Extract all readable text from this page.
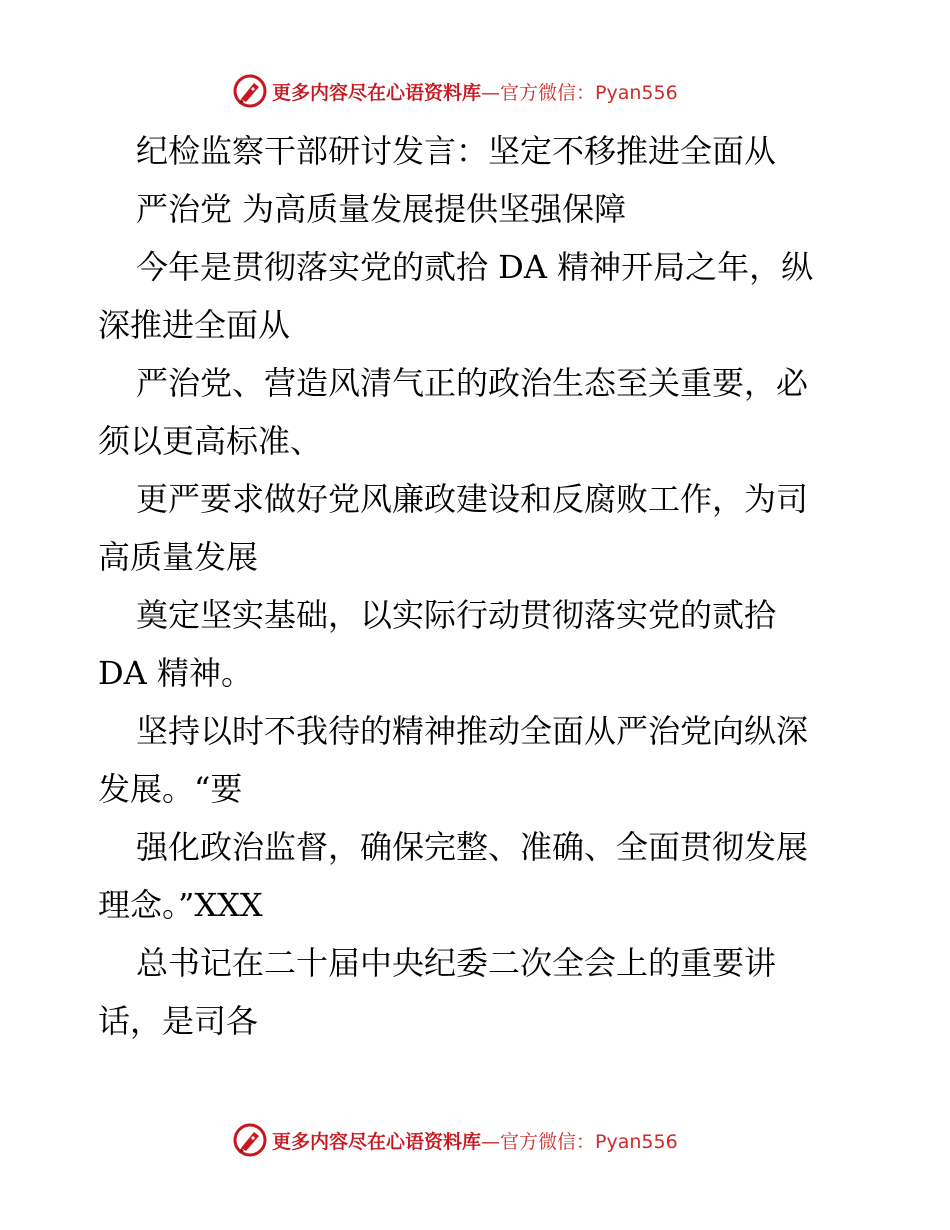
更多内容尽在心语资料库 —官方微信：Pyan556
纪检监察干部研讨发言：坚定不移推进全面从
严治党 为高质量发展提供坚强保障
今年是贯彻落实党的贰拾 DA 精神开局之年，纵
深推进全面从
严治党、营造风清气正的政治生态至关重要，必
须以更高标准、
更严要求做好党风廉政建设和反腐败工作，为司
高质量发展
奠定坚实基础，以实际行动贯彻落实党的贰拾
DA 精神。
坚持以时不我待的精神推动全面从严治党向纵深
发展。“要
强化政治监督，确保完整、准确、全面贯彻发展
理念。”XXX
总书记在二十届中央纪委二次全会上的重要讲
话，是司各
更多内容尽在心语资料库 —官方微信：Pyan556
